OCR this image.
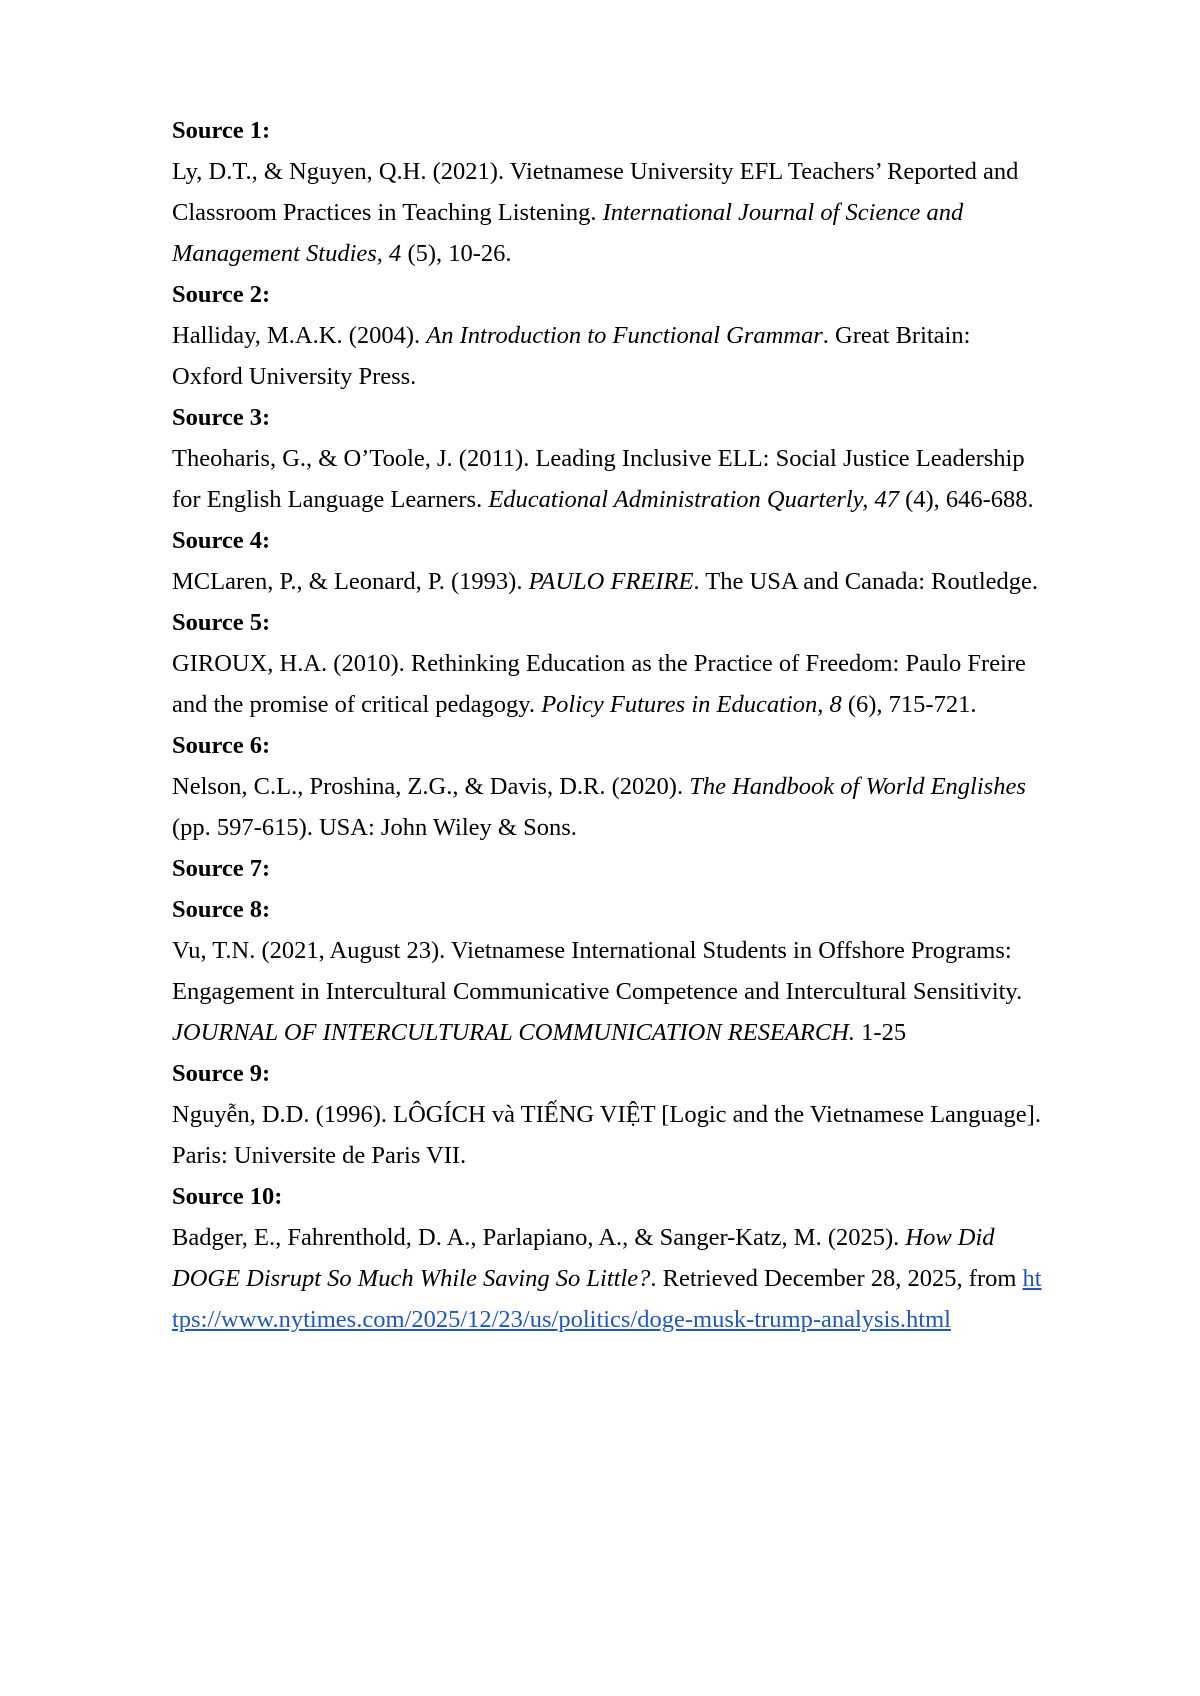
Source 1:
Ly, D.T., & Nguyen, Q.H. (2021). Vietnamese University EFL Teachers’ Reported and Classroom Practices in Teaching Listening. International Journal of Science and Management Studies, 4 (5), 10-26.
Source 2:
Halliday, M.A.K. (2004). An Introduction to Functional Grammar. Great Britain: Oxford University Press.
Source 3:
Theoharis, G., & O’Toole, J. (2011). Leading Inclusive ELL: Social Justice Leadership for English Language Learners. Educational Administration Quarterly, 47 (4), 646-688.
Source 4:
MCLaren, P., & Leonard, P. (1993). PAULO FREIRE. The USA and Canada: Routledge.
Source 5:
GIROUX, H.A. (2010). Rethinking Education as the Practice of Freedom: Paulo Freire and the promise of critical pedagogy. Policy Futures in Education, 8 (6), 715-721.
Source 6:
Nelson, C.L., Proshina, Z.G., & Davis, D.R. (2020). The Handbook of World Englishes (pp. 597-615). USA: John Wiley & Sons.
Source 7:
Source 8:
Vu, T.N. (2021, August 23). Vietnamese International Students in Offshore Programs: Engagement in Intercultural Communicative Competence and Intercultural Sensitivity. JOURNAL OF INTERCULTURAL COMMUNICATION RESEARCH. 1-25
Source 9:
Nguyễn, D.D. (1996). LÔGÍCH và TIẾNG VIỆT [Logic and the Vietnamese Language]. Paris: Universite de Paris VII.
Source 10:
Badger, E., Fahrenthold, D. A., Parlapiano, A., & Sanger-Katz, M. (2025). How Did DOGE Disrupt So Much While Saving So Little?. Retrieved December 28, 2025, from https://www.nytimes.com/2025/12/23/us/politics/doge-musk-trump-analysis.html
